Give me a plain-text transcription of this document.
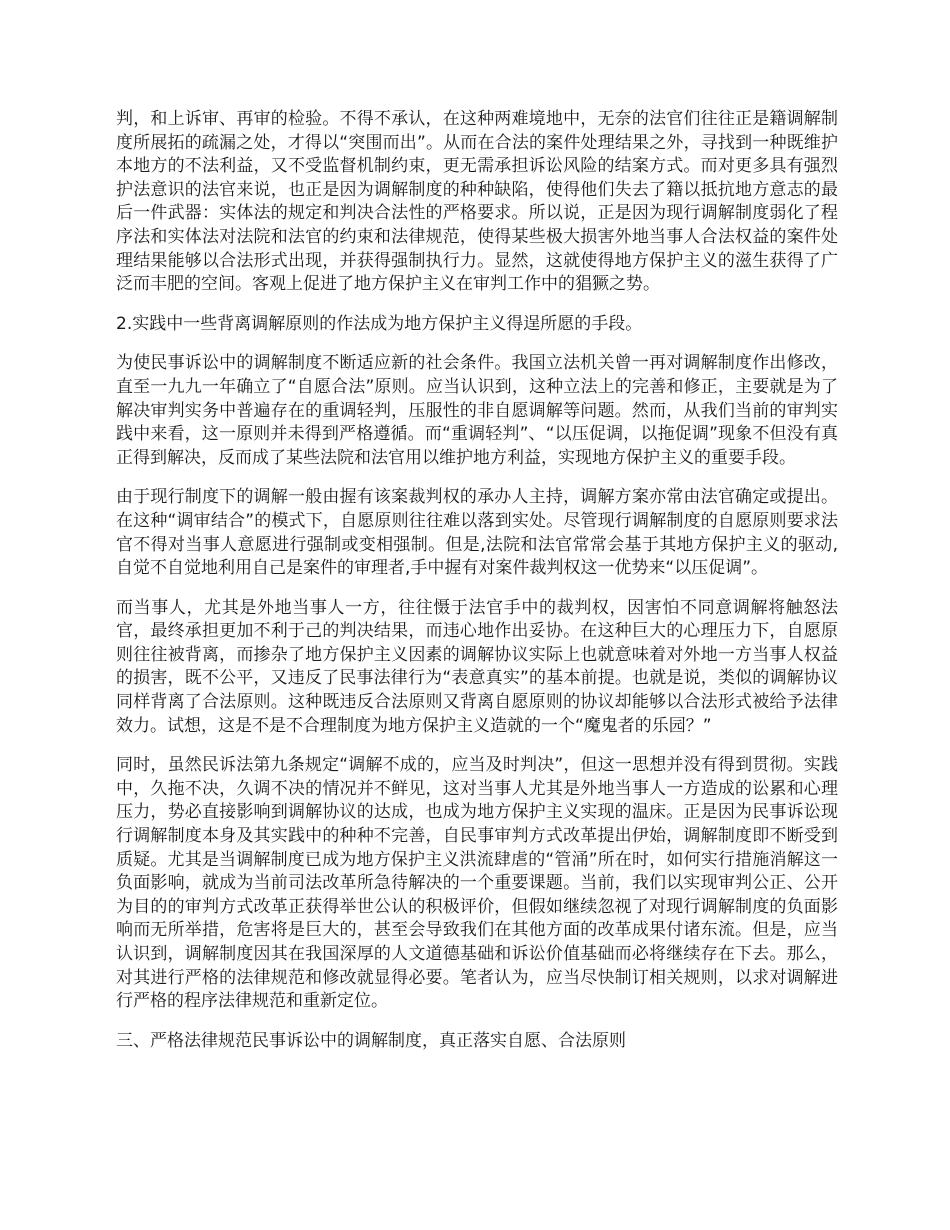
判，和上诉审、再审的检验。不得不承认，在这种两难境地中，无奈的法官们往往正是籍调解制度所展拓的疏漏之处，才得以“突围而出”。从而在合法的案件处理结果之外，寻找到一种既维护本地方的不法利益，又不受监督机制约束，更无需承担诉讼风险的结案方式。而对更多具有强烈护法意识的法官来说，也正是因为调解制度的种种缺陷，使得他们失去了籍以抵抗地方意志的最后一件武器：实体法的规定和判决合法性的严格要求。所以说，正是因为现行调解制度弱化了程序法和实体法对法院和法官的约束和法律规范，使得某些极大损害外地当事人合法权益的案件处理结果能够以合法形式出现，并获得强制执行力。显然，这就使得地方保护主义的滋生获得了广泛而丰肥的空间。客观上促进了地方保护主义在审判工作中的猖獗之势。

2.实践中一些背离调解原则的作法成为地方保护主义得逞所愿的手段。

为使民事诉讼中的调解制度不断适应新的社会条件。我国立法机关曾一再对调解制度作出修改，直至一九九一年确立了“自愿合法”原则。应当认识到，这种立法上的完善和修正，主要就是为了解决审判实务中普遍存在的重调轻判，压服性的非自愿调解等问题。然而，从我们当前的审判实践中来看，这一原则并未得到严格遵循。而“重调轻判”、“以压促调，以拖促调”现象不但没有真正得到解决，反而成了某些法院和法官用以维护地方利益，实现地方保护主义的重要手段。

由于现行制度下的调解一般由握有该案裁判权的承办人主持，调解方案亦常由法官确定或提出。在这种“调审结合”的模式下，自愿原则往往难以落到实处。尽管现行调解制度的自愿原则要求法官不得对当事人意愿进行强制或变相强制。但是,法院和法官常常会基于其地方保护主义的驱动,自觉不自觉地利用自己是案件的审理者,手中握有对案件裁判权这一优势来“以压促调”。

而当事人，尤其是外地当事人一方，往往慑于法官手中的裁判权，因害怕不同意调解将触怒法官，最终承担更加不利于己的判决结果，而违心地作出妥协。在这种巨大的心理压力下，自愿原则往往被背离，而掺杂了地方保护主义因素的调解协议实际上也就意味着对外地一方当事人权益的损害，既不公平，又违反了民事法律行为“表意真实”的基本前提。也就是说，类似的调解协议同样背离了合法原则。这种既违反合法原则又背离自愿原则的协议却能够以合法形式被给予法律效力。试想，这是不是不合理制度为地方保护主义造就的一个“魔鬼者的乐园？”

同时，虽然民诉法第九条规定“调解不成的，应当及时判决”，但这一思想并没有得到贯彻。实践中，久拖不决，久调不决的情况并不鲜见，这对当事人尤其是外地当事人一方造成的讼累和心理压力，势必直接影响到调解协议的达成，也成为地方保护主义实现的温床。正是因为民事诉讼现行调解制度本身及其实践中的种种不完善，自民事审判方式改革提出伊始，调解制度即不断受到质疑。尤其是当调解制度已成为地方保护主义洪流肆虐的“管涌”所在时，如何实行措施消解这一负面影响，就成为当前司法改革所急待解决的一个重要课题。当前，我们以实现审判公正、公开为目的的审判方式改革正获得举世公认的积极评价，但假如继续忽视了对现行调解制度的负面影响而无所举措，危害将是巨大的，甚至会导致我们在其他方面的改革成果付诸东流。但是，应当认识到，调解制度因其在我国深厚的人文道德基础和诉讼价值基础而必将继续存在下去。那么，对其进行严格的法律规范和修改就显得必要。笔者认为，应当尽快制订相关规则，以求对调解进行严格的程序法律规范和重新定位。

三、严格法律规范民事诉讼中的调解制度，真正落实自愿、合法原则
